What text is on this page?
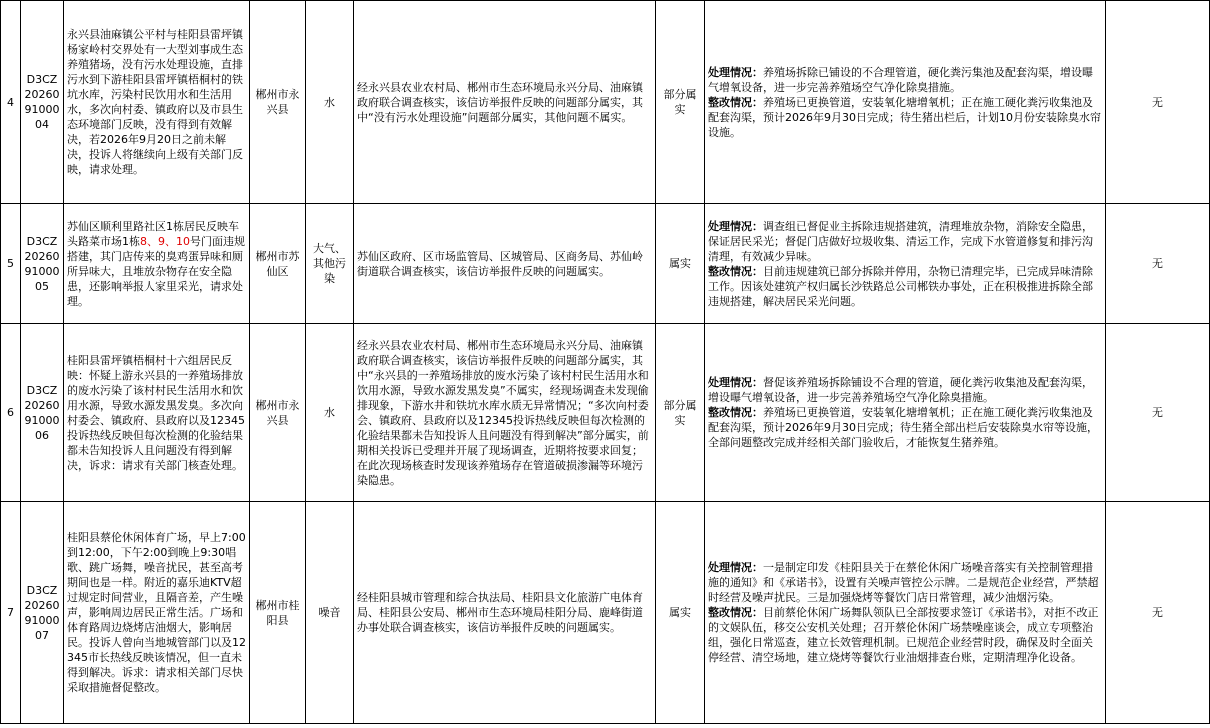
4	D3CZ202609100004	永兴县油麻镇公平村与桂阳县雷坪镇杨家岭村交界处有一大型刘事成生态养殖猪场，没有污水处理设施，直排污水到下游桂阳县雷坪镇梧桐村的铁坑水库，污染村民饮用水和生活用水，多次向村委、镇政府以及市县生态环境部门反映，没有得到有效解决，若2026年9月20日之前未解决，投诉人将继续向上级有关部门反映，请求处理。	郴州市永兴县	水	经永兴县农业农村局、郴州市生态环境局永兴分局、油麻镇政府联合调查核实，该信访举报件反映的问题部分属实，其中“没有污水处理设施”问题部分属实，其他问题不属实。	部分属实	处理情况：养殖场拆除已铺设的不合理管道，硬化粪污集池及配套沟渠，增设曝气增氧设备，进一步完善养殖场空气净化除臭措施。
整改情况：养殖场已更换管道，安装氧化塘增氧机；正在施工硬化粪污收集池及配套沟渠，预计2026年9月30日完成；待生猪出栏后，计划10月份安装除臭水帘设施。	无
5	D3CZ202609100005	苏仙区顺利里路社区1栋居民反映车头路菜市场1栋8、9、10号门面违规搭建，其门店传来的臭鸡蛋异味和厕所异味大，且堆放杂物存在安全隐患，还影响举报人家里采光，请求处理。	郴州市苏仙区	大气、其他污染	苏仙区政府、区市场监管局、区城管局、区商务局、苏仙岭街道联合调查核实，该信访举报件反映的问题属实。	属实	处理情况：调查组已督促业主拆除违规搭建筑，清理堆放杂物，消除安全隐患，保证居民采光；督促门店做好垃圾收集、清运工作，完成下水管道修复和排污沟清理，有效减少异味。
整改情况：目前违规建筑已部分拆除并停用，杂物已清理完毕，已完成异味清除工作。因该处建筑产权归属长沙铁路总公司郴铁办事处，正在积极推进拆除全部违规搭建，解决居民采光问题。	无
6	D3CZ202609100006	桂阳县雷坪镇梧桐村十六组居民反映：怀疑上游永兴县的一养殖场排放的废水污染了该村村民生活用水和饮用水源，导致水源发黑发臭。多次向村委会、镇政府、县政府以及12345投诉热线反映但每次检测的化验结果都未告知投诉人且问题没有得到解决，诉求：请求有关部门核查处理。	郴州市永兴县	水	经永兴县农业农村局、郴州市生态环境局永兴分局、油麻镇政府联合调查核实，该信访举报件反映的问题部分属实，其中“永兴县的一养殖场排放的废水污染了该村村民生活用水和饮用水源，导致水源发黑发臭”不属实，经现场调查未发现偷排现象，下游水井和铁坑水库水质无异常情况；“多次向村委会、镇政府、县政府以及12345投诉热线反映但每次检测的化验结果都未告知投诉人且问题没有得到解决”部分属实，前期相关投诉已受理并开展了现场调查，近期将按要求回复；在此次现场核查时发现该养殖场存在管道破损渗漏等环境污染隐患。	部分属实	处理情况：督促该养殖场拆除铺设不合理的管道，硬化粪污收集池及配套沟渠，增设曝气增氧设备，进一步完善养殖场空气净化除臭措施。
整改情况：养殖场已更换管道，安装氧化塘增氧机；正在施工硬化粪污收集池及配套沟渠，预计2026年9月30日完成；待生猪全部出栏后安装除臭水帘等设施，全部问题整改完成并经相关部门验收后，才能恢复生猪养殖。	无
7	D3CZ202609100007	桂阳县蔡伦休闲体育广场，早上7:00到12:00，下午2:00到晚上9:30唱歌、跳广场舞，噪音扰民，甚至高考期间也是一样。附近的嘉乐迪KTV超过规定时间营业，且隔音差，产生噪声，影响周边居民正常生活。广场和体育路周边烧烤店油烟大，影响居民。投诉人曾向当地城管部门以及12345市长热线反映该情况，但一直未得到解决。诉求：请求相关部门尽快采取措施督促整改。	郴州市桂阳县	噪音	经桂阳县城市管理和综合执法局、桂阳县文化旅游广电体育局、桂阳县公安局、郴州市生态环境局桂阳分局、鹿峰街道办事处联合调查核实，该信访举报件反映的问题属实。	属实	处理情况：一是制定印发《桂阳县关于在蔡伦休闲广场噪音落实有关控制管理措施的通知》和《承诺书》，设置有关噪声管控公示牌。二是规范企业经营，严禁超时经营及噪声扰民。三是加强烧烤等餐饮门店日常管理，减少油烟污染。
整改情况：目前蔡伦休闲广场舞队领队已全部按要求签订《承诺书》，对拒不改正的文娱队伍，移交公安机关处理；召开蔡伦休闲广场禁噪座谈会，成立专项整治组，强化日常巡查，建立长效管理机制。已规范企业经营时段，确保及时全面关停经营、清空场地，建立烧烤等餐饮行业油烟排查台账，定期清理净化设备。	无
